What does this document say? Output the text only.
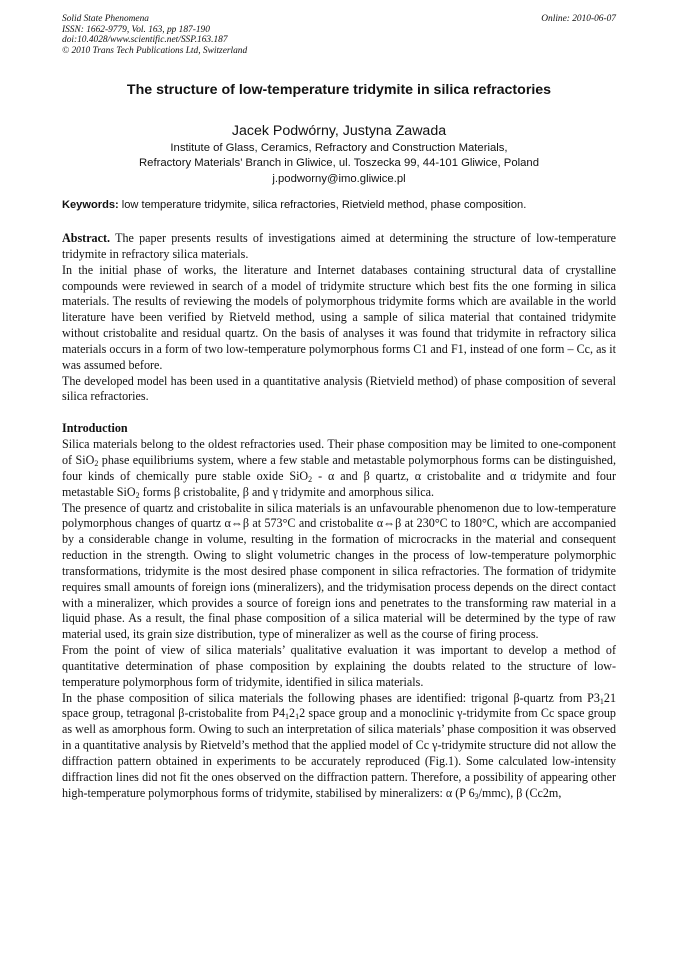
Solid State Phenomena
ISSN: 1662-9779, Vol. 163, pp 187-190
doi:10.4028/www.scientific.net/SSP.163.187
© 2010 Trans Tech Publications Ltd, Switzerland
Online: 2010-06-07
The structure of low-temperature tridymite in silica refractories
Jacek Podwórny, Justyna Zawada
Institute of Glass, Ceramics, Refractory and Construction Materials,
Refractory Materials’ Branch in Gliwice, ul. Toszecka 99, 44-101 Gliwice, Poland
j.podworny@imo.gliwice.pl
Keywords: low temperature tridymite, silica refractories, Rietvield method, phase composition.

Abstract. The paper presents results of investigations aimed at determining the structure of low-temperature tridymite in refractory silica materials.

In the initial phase of works, the literature and Internet databases containing structural data of crystalline compounds were reviewed in search of a model of tridymite structure which best fits the one forming in silica materials. The results of reviewing the models of polymorphous tridymite forms which are available in the world literature have been verified by Rietveld method, using a sample of silica material that contained tridymite without cristobalite and residual quartz. On the basis of analyses it was found that tridymite in refractory silica materials occurs in a form of two low-temperature polymorphous forms C1 and F1, instead of one form – Cc, as it was assumed before.

The developed model has been used in a quantitative analysis (Rietvield method) of phase composition of several silica refractories.

Introduction

Silica materials belong to the oldest refractories used. Their phase composition may be limited to one-component of SiO$_2$ phase equilibriums system, where a few stable and metastable polymorphous forms can be distinguished, four kinds of chemically pure stable oxide SiO$_2$ - α and β quartz, α cristobalite and α tridymite and four metastable SiO$_2$ forms β cristobalite, β and γ tridymite and amorphous silica.

The presence of quartz and cristobalite in silica materials is an unfavourable phenomenon due to low-temperature polymorphous changes of quartz α⇔β at 573°C and cristobalite α⇔β at 230°C to 180°C, which are accompanied by a considerable change in volume, resulting in the formation of microcracks in the material and consequent reduction in the strength. Owing to slight volumetric changes in the process of low-temperature polymorphic transformations, tridymite is the most desired phase component in silica refractories. The formation of tridymite requires small amounts of foreign ions (mineralizers), and the tridymisation process depends on the direct contact with a mineralizer, which provides a source of foreign ions and penetrates to the transforming raw material in a liquid phase. As a result, the final phase composition of a silica material will be determined by the type of raw material used, its grain size distribution, type of mineralizer as well as the course of firing process.

From the point of view of silica materials’ qualitative evaluation it was important to develop a method of quantitative determination of phase composition by explaining the doubts related to the structure of low-temperature polymorphous form of tridymite, identified in silica materials.

In the phase composition of silica materials the following phases are identified: trigonal β-quartz from $P3_121$ space group, tetragonal β-cristobalite from $P4_12_12$ space group and a monoclinic γ-tridymite from Cc space group as well as amorphous form. Owing to such an interpretation of silica materials’ phase composition it was observed in a quantitative analysis by Rietveld’s method that the applied model of Cc γ-tridymite structure did not allow the diffraction pattern obtained in experiments to be accurately reproduced (Fig.1). Some calculated low-intensity diffraction lines did not fit the ones observed on the diffraction pattern. Therefore, a possibility of appearing other high-temperature polymorphous forms of tridymite, stabilised by mineralizers: α (P $6_3/mmc$), β (Cc2m,
